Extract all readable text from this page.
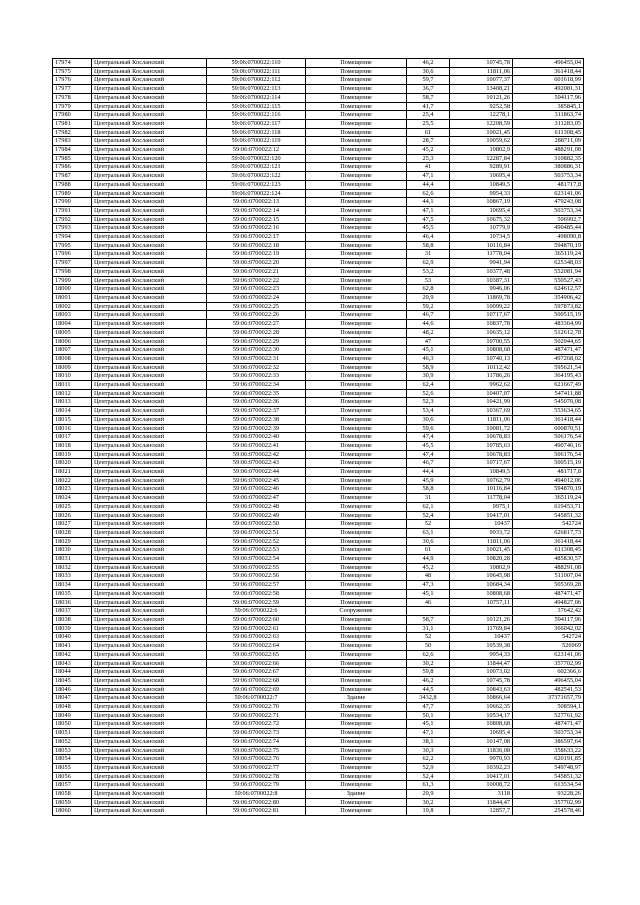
17974	Центральный Косланский	59:06:0700022:110	Помещение	46,2	10745,78	496455,04
17975	Центральный Косланский	59:06:0700022:111	Помещение	30,6	11811,06	361418,44
17976	Центральный Косланский	59:06:0700022:112	Помещение	59,7	10077,37	601618,99
17977	Центральный Косланский	59:06:0700022:113	Помещение	36,7	13408,21	492081,31
17978	Центральный Косланский	59:06:0700022:114	Помещение	58,7	10121,26	594117,96
17979	Центральный Косланский	59:06:0700022:115	Помещение	41,7	9252,58	385845,1
17980	Центральный Косланский	59:06:0700022:116	Помещение	25,4	12278,1	311863,74
17981	Центральный Косланский	59:06:0700022:117	Помещение	25,5	12208,59	311283,05
17982	Центральный Косланский	59:06:0700022:118	Помещение	61	10021,45	611308,45
17983	Центральный Косланский	59:06:0700022:119	Помещение	28,7	10059,62	288711,09
17984	Центральный Косланский	59:06:0700022:12	Помещение	45,2	10802,9	488291,08
17985	Центральный Косланский	59:06:0700022:120	Помещение	25,3	12287,84	310882,35
17986	Центральный Косланский	59:06:0700022:121	Помещение	41	9289,91	380886,31
17987	Центральный Косланский	59:06:0700022:122	Помещение	47,1	10695,4	503753,34
17988	Центральный Косланский	59:06:0700022:123	Помещение	44,4	10849,5	481717,8
17989	Центральный Косланский	59:06:0700022:124	Помещение	62,6	9954,33	623141,06
17990	Центральный Косланский	59:06:0700022:13	Помещение	44,1	10867,19	479243,08
17991	Центральный Косланский	59:06:0700022:14	Помещение	47,1	10695,4	503753,34
17992	Центральный Косланский	59:06:0700022:15	Помещение	47,5	10675,32	506992,7
17993	Центральный Косланский	59:06:0700022:16	Помещение	45,5	10779,9	490485,44
17994	Центральный Косланский	59:06:0700022:17	Помещение	46,4	10734,5	498090,8
17995	Центральный Косланский	59:06:0700022:18	Помещение	58,8	10116,84	594870,19
17996	Центральный Косланский	59:06:0700022:19	Помещение	31	11778,04	365119,24
17997	Центральный Косланский	59:06:0700022:20	Помещение	62,9	9941,94	625348,03
17998	Центральный Косланский	59:06:0700022:21	Помещение	53,2	10377,48	552081,94
17999	Центральный Косланский	59:06:0700022:22	Помещение	53	10387,31	550527,43
18000	Центральный Косланский	59:06:0700022:23	Помещение	62,8	9946,06	624612,57
18001	Центральный Косланский	59:06:0700022:24	Помещение	29,9	11869,78	354906,42
18002	Центральный Косланский	59:06:0700022:25	Помещение	59,2	10099,22	597873,82
18003	Центральный Косланский	59:06:0700022:26	Помещение	46,7	10717,67	500515,19
18004	Центральный Косланский	59:06:0700022:27	Помещение	44,6	10837,78	483364,99
18005	Центральный Косланский	59:06:0700022:28	Помещение	48,2	10635,12	512612,78
18006	Центральный Косланский	59:06:0700022:29	Помещение	47	10700,55	502944,65
18007	Центральный Косланский	59:06:0700022:30	Помещение	45,1	10808,68	487471,47
18008	Центральный Косланский	59:06:0700022:31	Помещение	46,3	10740,13	497268,02
18009	Центральный Косланский	59:06:0700022:32	Помещение	58,9	10112,42	595621,54
18010	Центральный Косланский	59:06:0700022:33	Помещение	30,9	11786,26	364195,43
18011	Центральный Косланский	59:06:0700022:34	Помещение	62,4	9962,62	621667,49
18012	Центральный Косланский	59:06:0700022:35	Помещение	52,6	10407,07	547411,88
18013	Центральный Косланский	59:06:0700022:36	Помещение	52,3	10421,99	545070,08
18014	Центральный Косланский	59:06:0700022:37	Помещение	53,4	10367,69	553634,65
18015	Центральный Косланский	59:06:0700022:38	Помещение	30,6	11811,06	361418,44
18016	Центральный Косланский	59:06:0700022:39	Помещение	59,6	10081,72	600870,51
18017	Центральный Косланский	59:06:0700022:40	Помещение	47,4	10678,83	506176,54
18018	Центральный Косланский	59:06:0700022:41	Помещение	45,5	10785,63	490746,16
18019	Центральный Косланский	59:06:0700022:42	Помещение	47,4	10678,83	506176,54
18020	Центральный Косланский	59:06:0700022:43	Помещение	46,7	10717,67	500515,19
18021	Центральный Косланский	59:06:0700022:44	Помещение	44,4	10849,5	481717,8
18022	Центральный Косланский	59:06:0700022:45	Помещение	45,9	10762,79	494012,06
18023	Центральный Косланский	59:06:0700022:46	Помещение	58,8	10116,84	594870,19
18024	Центральный Косланский	59:06:0700022:47	Помещение	31	11778,04	365119,24
18025	Центральный Косланский	59:06:0700022:48	Помещение	62,1	9975,1	619453,71
18026	Центральный Косланский	59:06:0700022:49	Помещение	52,4	10417,01	545851,32
18027	Центральный Косланский	59:06:0700022:50	Помещение	52	10437	542724
18028	Центральный Косланский	59:06:0700022:51	Помещение	63,1	9933,72	626817,73
18029	Центральный Косланский	59:06:0700022:52	Помещение	30,6	11811,06	361418,44
18030	Центральный Косланский	59:06:0700022:53	Помещение	61	10021,45	611308,45
18031	Центральный Косланский	59:06:0700022:54	Помещение	44,9	10820,28	485830,57
18032	Центральный Косланский	59:06:0700022:55	Помещение	45,2	10802,9	488291,08
18033	Центральный Косланский	59:06:0700022:56	Помещение	48	10645,98	511007,04
18034	Центральный Косланский	59:06:0700022:57	Помещение	47,3	10684,34	505369,28
18035	Центральный Косланский	59:06:0700022:58	Помещение	45,1	10808,68	487471,47
18036	Центральный Косланский	59:06:0700022:59	Помещение	46	10757,11	494827,06
18037	Центральный Косланский	59:06:0700022:6	Сооружение			37642,42
18038	Центральный Косланский	59:06:0700022:60	Помещение	58,7	10121,26	594117,96
18039	Центральный Косланский	59:06:0700022:61	Помещение	31,1	11769,84	366042,02
18040	Центральный Косланский	59:06:0700022:63	Помещение	52	10437	542724
18041	Центральный Косланский	59:06:0700022:64	Помещение	50	10539,38	526969
18042	Центральный Косланский	59:06:0700022:65	Помещение	62,6	9954,33	623141,06
18043	Центральный Косланский	59:06:0700022:66	Помещение	30,2	11844,47	357702,99
18044	Центральный Косланский	59:06:0700022:67	Помещение	59,8	10073,02	602366,6
18045	Центральный Косланский	59:06:0700022:68	Помещение	46,2	10745,78	496455,04
18046	Центральный Косланский	59:06:0700022:69	Помещение	44,5	10843,63	482541,53
18047	Центральный Косланский	59:06:0700022:7	Здание	3432,8	10866,64	37371657,79
18048	Центральный Косланский	59:06:0700022:70	Помещение	47,7	10662,35	508594,1
18049	Центральный Косланский	59:06:0700022:71	Помещение	50,1	10534,17	527761,92
18050	Центральный Косланский	59:06:0700022:72	Помещение	45,1	10808,68	487471,47
18051	Центральный Косланский	59:06:0700022:73	Помещение	47,1	10695,4	503753,34
18052	Центральный Косланский	59:06:0700022:74	Помещение	38,1	10147,08	386597,64
18053	Центральный Косланский	59:06:0700022:75	Помещение	30,3	11836,08	358633,22
18054	Центральный Косланский	59:06:0700022:76	Помещение	62,2	9970,93	620191,85
18055	Центральный Косланский	59:06:0700022:77	Помещение	52,9	10392,23	549748,97
18056	Центральный Косланский	59:06:0700022:78	Помещение	52,4	10417,01	545851,32
18057	Центральный Косланский	59:06:0700022:79	Помещение	61,3	10008,72	613534,54
18058	Центральный Косланский	59:06:0700022:8	Здание	29,9	3118	93228,26
18059	Центральный Косланский	59:06:0700022:80	Помещение	30,2	11844,47	357702,99
18060	Центральный Косланский	59:06:0700022:81	Помещение	19,8	12857,7	254578,46
